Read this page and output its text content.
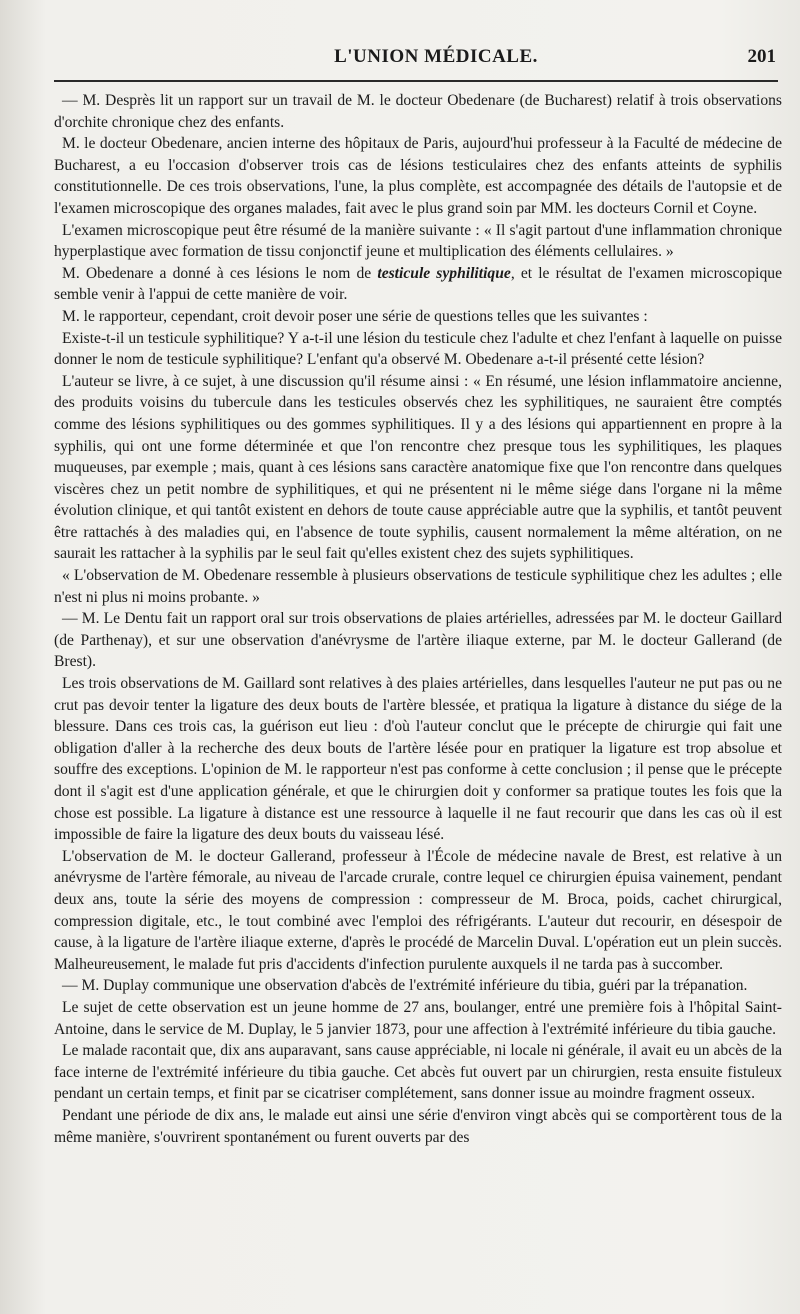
L'UNION MÉDICALE.	201

— M. Desprès lit un rapport sur un travail de M. le docteur Obedenare (de Bucharest) relatif à trois observations d'orchite chronique chez des enfants.

M. le docteur Obedenare, ancien interne des hôpitaux de Paris, aujourd'hui professeur à la Faculté de médecine de Bucharest, a eu l'occasion d'observer trois cas de lésions testiculaires chez des enfants atteints de syphilis constitutionnelle. De ces trois observations, l'une, la plus complète, est accompagnée des détails de l'autopsie et de l'examen microscopique des organes malades, fait avec le plus grand soin par MM. les docteurs Cornil et Coyne.

L'examen microscopique peut être résumé de la manière suivante : « Il s'agit partout d'une inflammation chronique hyperplastique avec formation de tissu conjonctif jeune et multiplication des éléments cellulaires. »

M. Obedenare a donné à ces lésions le nom de testicule syphilitique, et le résultat de l'examen microscopique semble venir à l'appui de cette manière de voir.

M. le rapporteur, cependant, croit devoir poser une série de questions telles que les suivantes :

Existe-t-il un testicule syphilitique? Y a-t-il une lésion du testicule chez l'adulte et chez l'enfant à laquelle on puisse donner le nom de testicule syphilitique? L'enfant qu'a observé M. Obedenare a-t-il présenté cette lésion?

L'auteur se livre, à ce sujet, à une discussion qu'il résume ainsi : « En résumé, une lésion inflammatoire ancienne, des produits voisins du tubercule dans les testicules observés chez les syphilitiques, ne sauraient être comptés comme des lésions syphilitiques ou des gommes syphilitiques. Il y a des lésions qui appartiennent en propre à la syphilis, qui ont une forme déterminée et que l'on rencontre chez presque tous les syphilitiques, les plaques muqueuses, par exemple ; mais, quant à ces lésions sans caractère anatomique fixe que l'on rencontre dans quelques viscères chez un petit nombre de syphilitiques, et qui ne présentent ni le même siége dans l'organe ni la même évolution clinique, et qui tantôt existent en dehors de toute cause appréciable autre que la syphilis, et tantôt peuvent être rattachés à des maladies qui, en l'absence de toute syphilis, causent normalement la même altération, on ne saurait les rattacher à la syphilis par le seul fait qu'elles existent chez des sujets syphilitiques.

« L'observation de M. Obedenare ressemble à plusieurs observations de testicule syphilitique chez les adultes ; elle n'est ni plus ni moins probante. »

— M. Le Dentu fait un rapport oral sur trois observations de plaies artérielles, adressées par M. le docteur Gaillard (de Parthenay), et sur une observation d'anévrysme de l'artère iliaque externe, par M. le docteur Gallerand (de Brest).

Les trois observations de M. Gaillard sont relatives à des plaies artérielles, dans lesquelles l'auteur ne put pas ou ne crut pas devoir tenter la ligature des deux bouts de l'artère blessée, et pratiqua la ligature à distance du siége de la blessure. Dans ces trois cas, la guérison eut lieu : d'où l'auteur conclut que le précepte de chirurgie qui fait une obligation d'aller à la recherche des deux bouts de l'artère lésée pour en pratiquer la ligature est trop absolue et souffre des exceptions. L'opinion de M. le rapporteur n'est pas conforme à cette conclusion ; il pense que le précepte dont il s'agit est d'une application générale, et que le chirurgien doit y conformer sa pratique toutes les fois que la chose est possible. La ligature à distance est une ressource à laquelle il ne faut recourir que dans les cas où il est impossible de faire la ligature des deux bouts du vaisseau lésé.

L'observation de M. le docteur Gallerand, professeur à l'École de médecine navale de Brest, est relative à un anévrysme de l'artère fémorale, au niveau de l'arcade crurale, contre lequel ce chirurgien épuisa vainement, pendant deux ans, toute la série des moyens de compression : compresseur de M. Broca, poids, cachet chirurgical, compression digitale, etc., le tout combiné avec l'emploi des réfrigérants. L'auteur dut recourir, en désespoir de cause, à la ligature de l'artère iliaque externe, d'après le procédé de Marcelin Duval. L'opération eut un plein succès. Malheureusement, le malade fut pris d'accidents d'infection purulente auxquels il ne tarda pas à succomber.

— M. Duplay communique une observation d'abcès de l'extrémité inférieure du tibia, guéri par la trépanation.

Le sujet de cette observation est un jeune homme de 27 ans, boulanger, entré une première fois à l'hôpital Saint-Antoine, dans le service de M. Duplay, le 5 janvier 1873, pour une affection à l'extrémité inférieure du tibia gauche.

Le malade racontait que, dix ans auparavant, sans cause appréciable, ni locale ni générale, il avait eu un abcès de la face interne de l'extrémité inférieure du tibia gauche. Cet abcès fut ouvert par un chirurgien, resta ensuite fistuleux pendant un certain temps, et finit par se cicatriser complétement, sans donner issue au moindre fragment osseux.

Pendant une période de dix ans, le malade eut ainsi une série d'environ vingt abcès qui se comportèrent tous de la même manière, s'ouvrirent spontanément ou furent ouverts par des
